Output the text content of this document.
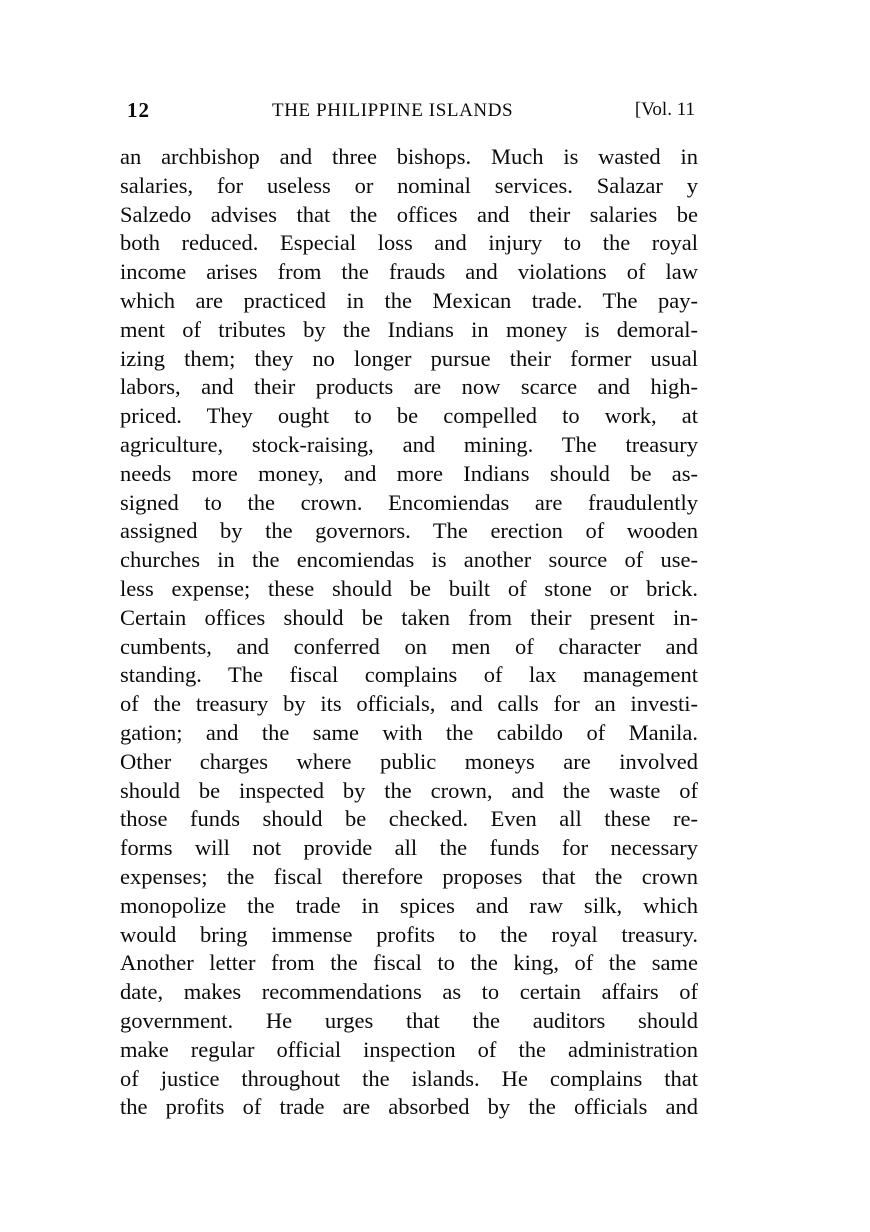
12	THE PHILIPPINE ISLANDS	[Vol. 11
an archbishop and three bishops. Much is wasted in
salaries, for useless or nominal services. Salazar y
Salzedo advises that the offices and their salaries be
both reduced. Especial loss and injury to the royal
income arises from the frauds and violations of law
which are practiced in the Mexican trade. The pay-
ment of tributes by the Indians in money is demoral-
izing them; they no longer pursue their former usual
labors, and their products are now scarce and high-
priced. They ought to be compelled to work, at
agriculture, stock-raising, and mining. The treasury
needs more money, and more Indians should be as-
signed to the crown. Encomiendas are fraudulently
assigned by the governors. The erection of wooden
churches in the encomiendas is another source of use-
less expense; these should be built of stone or brick.
Certain offices should be taken from their present in-
cumbents, and conferred on men of character and
standing. The fiscal complains of lax management
of the treasury by its officials, and calls for an investi-
gation; and the same with the cabildo of Manila.
Other charges where public moneys are involved
should be inspected by the crown, and the waste of
those funds should be checked. Even all these re-
forms will not provide all the funds for necessary
expenses; the fiscal therefore proposes that the crown
monopolize the trade in spices and raw silk, which
would bring immense profits to the royal treasury.
Another letter from the fiscal to the king, of the same
date, makes recommendations as to certain affairs of
government. He urges that the auditors should
make regular official inspection of the administration
of justice throughout the islands. He complains that
the profits of trade are absorbed by the officials and
